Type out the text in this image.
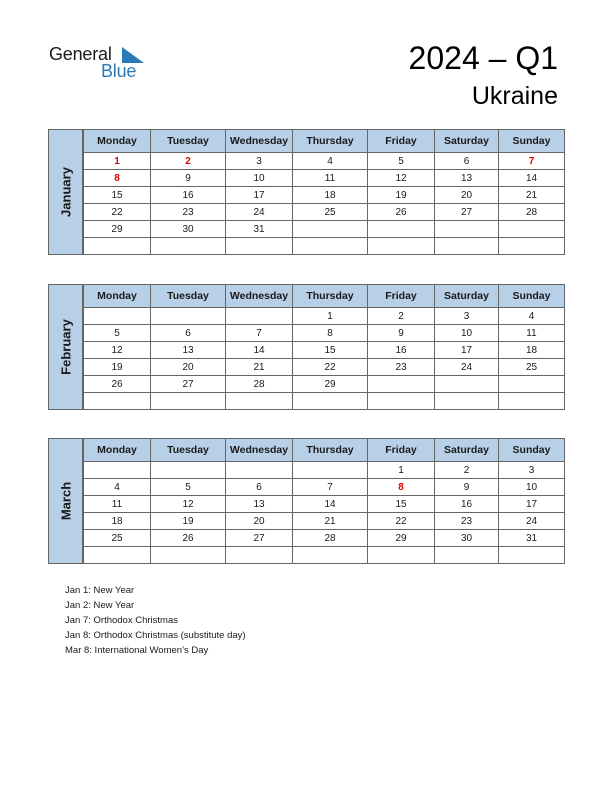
General
Blue	2024 – Q1
Ukraine
January
Monday	Tuesday	Wednesday	Thursday	Friday	Saturday	Sunday
1	2	3	4	5	6	7
8	9	10	11	12	13	14
15	16	17	18	19	20	21
22	23	24	25	26	27	28
29	30	31				

February
Monday	Tuesday	Wednesday	Thursday	Friday	Saturday	Sunday
			1	2	3	4
5	6	7	8	9	10	11
12	13	14	15	16	17	18
19	20	21	22	23	24	25
26	27	28	29			

March
Monday	Tuesday	Wednesday	Thursday	Friday	Saturday	Sunday
				1	2	3
4	5	6	7	8	9	10
11	12	13	14	15	16	17
18	19	20	21	22	23	24
25	26	27	28	29	30	31

Jan 1: New Year
Jan 2: New Year
Jan 7: Orthodox Christmas
Jan 8: Orthodox Christmas (substitute day)
Mar 8: International Women’s Day
